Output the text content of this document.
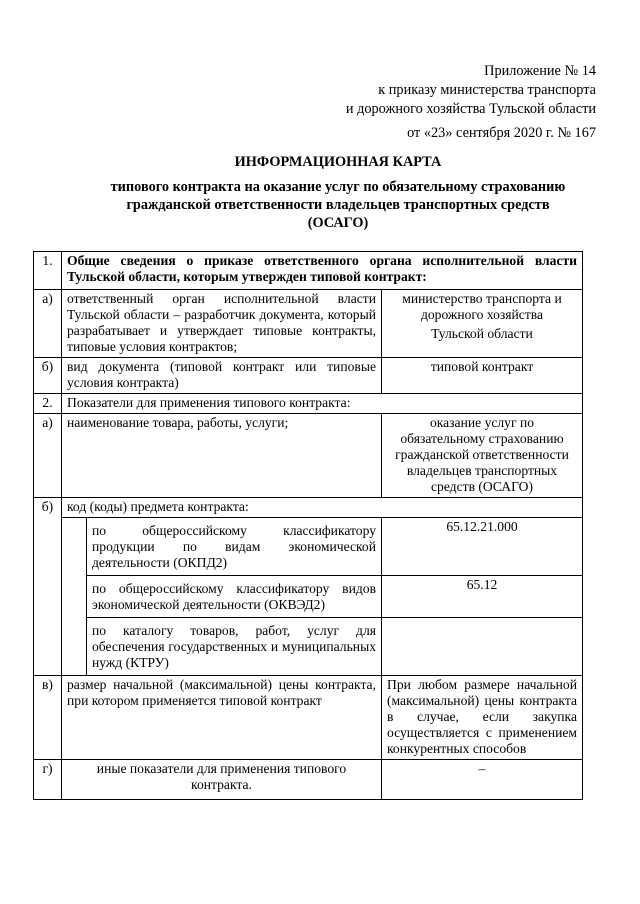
Приложение № 14
к приказу министерства транспорта
и дорожного хозяйства Тульской области
от «23» сентября 2020 г. № 167
ИНФОРМАЦИОННАЯ КАРТА
типового контракта на оказание услуг по обязательному страхованию
гражданской ответственности владельцев транспортных средств
(ОСАГО)
1.	Общие сведения о приказе ответственного органа исполнительной власти Тульской области, которым утвержден типовой контракт:		
а)	ответственный орган исполнительной власти Тульской области – разработчик документа, который разрабатывает и утверждает типовые контракты, типовые условия контрактов;		министерство транспорта и
дорожного хозяйства
Тульской области

б)	вид документа (типовой контракт или типовые условия контракта)		типовой контракт
2.	Показатели для применения типового контракта:		
а)	наименование товара, работы, услуги;		оказание услуг по обязательному страхованию гражданской ответственности владельцев транспортных средств (ОСАГО)
б)	код (коды) предмета контракта:		
		по общероссийскому классификатору продукции по видам экономической деятельности (ОКПД2)	65.12.21.000
		по общероссийскому классификатору видов экономической деятельности (ОКВЭД2)	65.12
		по каталогу товаров, работ, услуг для обеспечения государственных и муниципальных нужд (КТРУ)	
в)	размер начальной (максимальной) цены контракта, при котором применяется типовой контракт		При любом размере начальной (максимальной) цены контракта в случае, если закупка осуществляется с применением конкурентных способов
г)	иные показатели для применения типового контракта.		–
